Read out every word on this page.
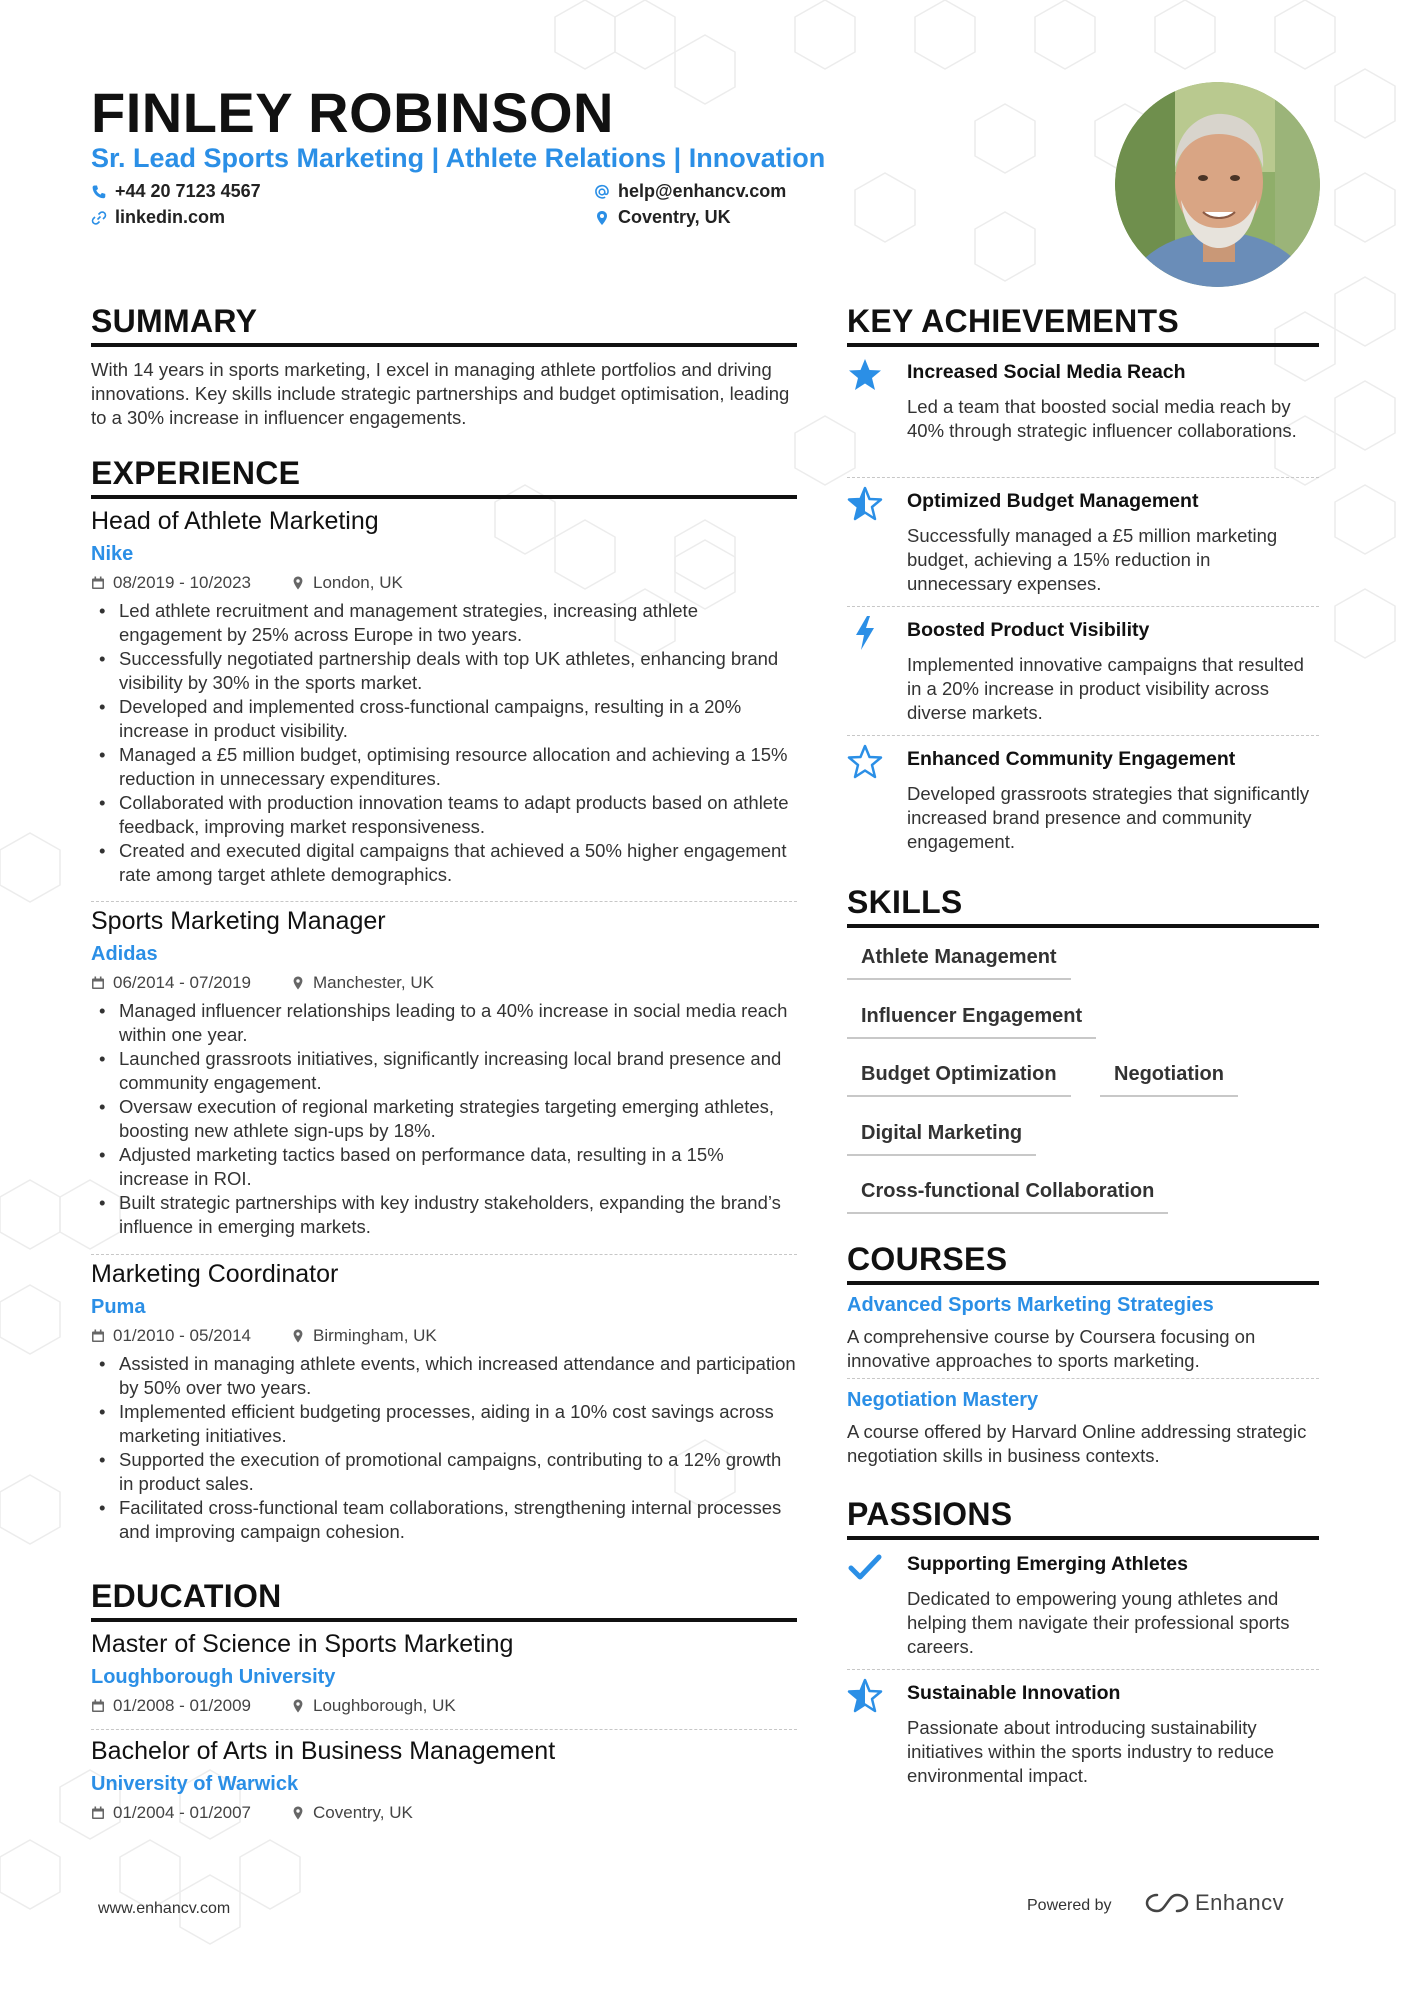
FINLEY ROBINSON
Sr. Lead Sports Marketing | Athlete Relations | Innovation
+44 20 7123 4567	help@enhancv.com
linkedin.com	Coventry, UK
SUMMARY
With 14 years in sports marketing, I excel in managing athlete portfolios and driving innovations. Key skills include strategic partnerships and budget optimisation, leading to a 30% increase in influencer engagements.
EXPERIENCE
Head of Athlete Marketing
Nike
08/2019 - 10/2023	London, UK
• Led athlete recruitment and management strategies, increasing athlete engagement by 25% across Europe in two years.
• Successfully negotiated partnership deals with top UK athletes, enhancing brand visibility by 30% in the sports market.
• Developed and implemented cross-functional campaigns, resulting in a 20% increase in product visibility.
• Managed a £5 million budget, optimising resource allocation and achieving a 15% reduction in unnecessary expenditures.
• Collaborated with production innovation teams to adapt products based on athlete feedback, improving market responsiveness.
• Created and executed digital campaigns that achieved a 50% higher engagement rate among target athlete demographics.
Sports Marketing Manager
Adidas
06/2014 - 07/2019	Manchester, UK
• Managed influencer relationships leading to a 40% increase in social media reach within one year.
• Launched grassroots initiatives, significantly increasing local brand presence and community engagement.
• Oversaw execution of regional marketing strategies targeting emerging athletes, boosting new athlete sign-ups by 18%.
• Adjusted marketing tactics based on performance data, resulting in a 15% increase in ROI.
• Built strategic partnerships with key industry stakeholders, expanding the brand’s influence in emerging markets.
Marketing Coordinator
Puma
01/2010 - 05/2014	Birmingham, UK
• Assisted in managing athlete events, which increased attendance and participation by 50% over two years.
• Implemented efficient budgeting processes, aiding in a 10% cost savings across marketing initiatives.
• Supported the execution of promotional campaigns, contributing to a 12% growth in product sales.
• Facilitated cross-functional team collaborations, strengthening internal processes and improving campaign cohesion.
EDUCATION
Master of Science in Sports Marketing
Loughborough University
01/2008 - 01/2009	Loughborough, UK
Bachelor of Arts in Business Management
University of Warwick
01/2004 - 01/2007	Coventry, UK
KEY ACHIEVEMENTS
Increased Social Media Reach
Led a team that boosted social media reach by 40% through strategic influencer collaborations.
Optimized Budget Management
Successfully managed a £5 million marketing budget, achieving a 15% reduction in unnecessary expenses.
Boosted Product Visibility
Implemented innovative campaigns that resulted in a 20% increase in product visibility across diverse markets.
Enhanced Community Engagement
Developed grassroots strategies that significantly increased brand presence and community engagement.
SKILLS
Athlete Management
Influencer Engagement
Budget Optimization	Negotiation
Digital Marketing
Cross-functional Collaboration
COURSES
Advanced Sports Marketing Strategies
A comprehensive course by Coursera focusing on innovative approaches to sports marketing.
Negotiation Mastery
A course offered by Harvard Online addressing strategic negotiation skills in business contexts.
PASSIONS
Supporting Emerging Athletes
Dedicated to empowering young athletes and helping them navigate their professional sports careers.
Sustainable Innovation
Passionate about introducing sustainability initiatives within the sports industry to reduce environmental impact.
www.enhancv.com	Powered by	Enhancv
